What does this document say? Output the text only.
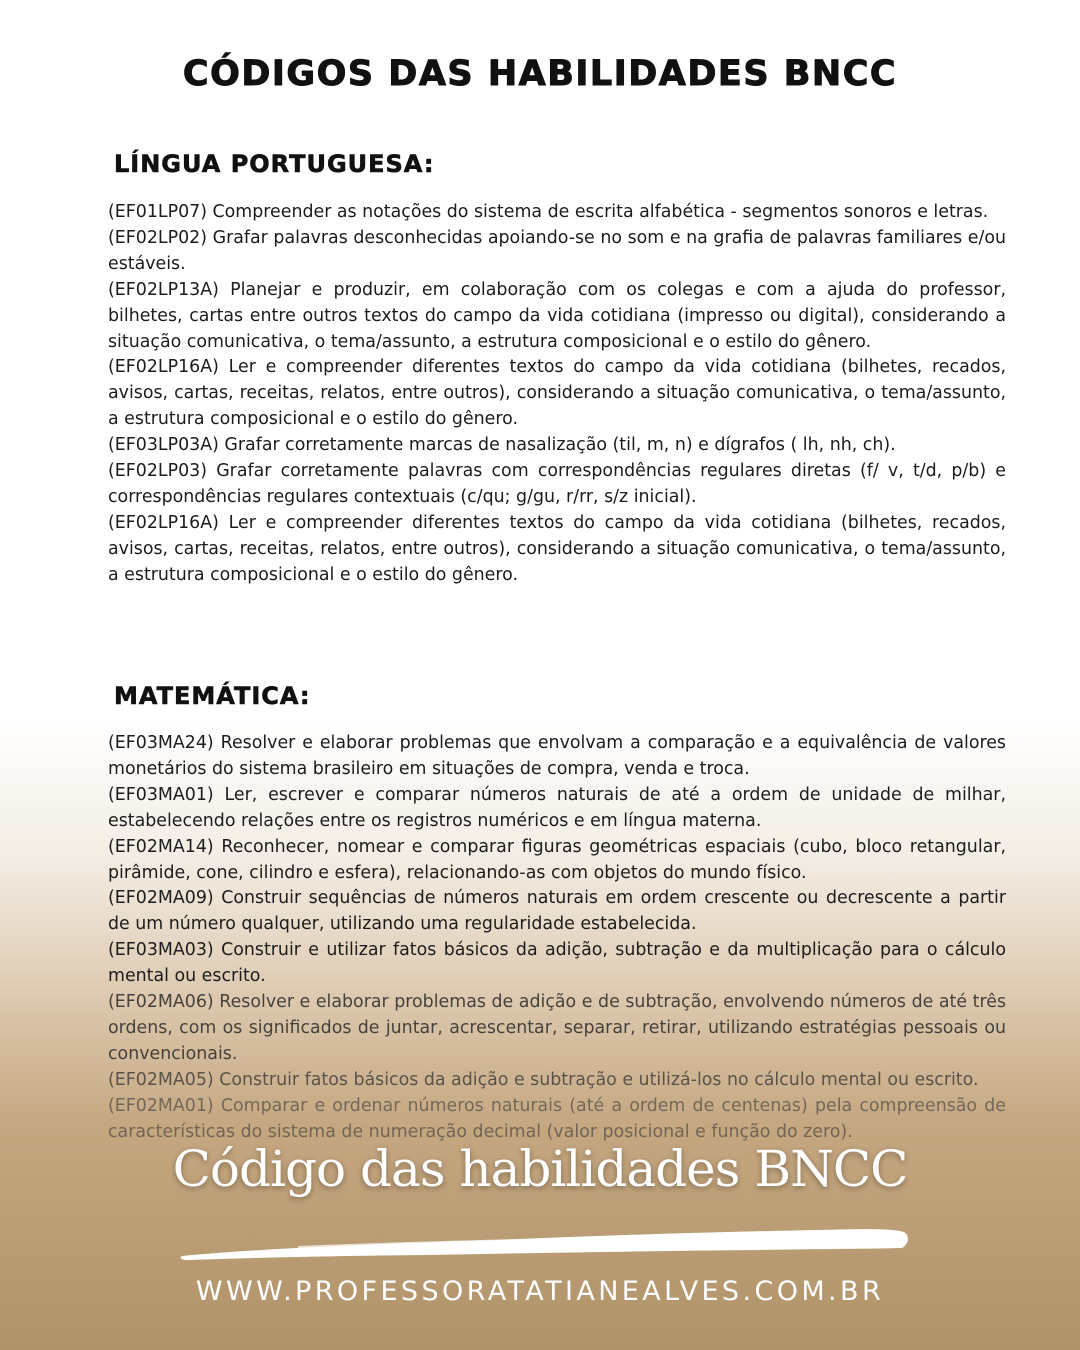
CÓDIGOS DAS HABILIDADES BNCC
LÍNGUA PORTUGUESA:
(EF01LP07) Compreender as notações do sistema de escrita alfabética - segmentos sonoros e letras.
(EF02LP02) Grafar palavras desconhecidas apoiando-se no som e na grafia de palavras familiares e/ou estáveis.
(EF02LP13A) Planejar e produzir, em colaboração com os colegas e com a ajuda do professor, bilhetes, cartas entre outros textos do campo da vida cotidiana (impresso ou digital), considerando a situação comunicativa, o tema/assunto, a estrutura composicional e o estilo do gênero.
(EF02LP16A) Ler e compreender diferentes textos do campo da vida cotidiana (bilhetes, recados, avisos, cartas, receitas, relatos, entre outros), considerando a situação comunicativa, o tema/assunto, a estrutura composicional e o estilo do gênero.
(EF03LP03A) Grafar corretamente marcas de nasalização (til, m, n) e dígrafos ( lh, nh, ch).
(EF02LP03) Grafar corretamente palavras com correspondências regulares diretas (f/ v, t/d, p/b) e correspondências regulares contextuais (c/qu; g/gu, r/rr, s/z inicial).
(EF02LP16A) Ler e compreender diferentes textos do campo da vida cotidiana (bilhetes, recados, avisos, cartas, receitas, relatos, entre outros), considerando a situação comunicativa, o tema/assunto, a estrutura composicional e o estilo do gênero.
MATEMÁTICA:
(EF03MA24) Resolver e elaborar problemas que envolvam a comparação e a equivalência de valores monetários do sistema brasileiro em situações de compra, venda e troca.
(EF03MA01) Ler, escrever e comparar números naturais de até a ordem de unidade de milhar, estabelecendo relações entre os registros numéricos e em língua materna.
(EF02MA14) Reconhecer, nomear e comparar figuras geométricas espaciais (cubo, bloco retangular, pirâmide, cone, cilindro e esfera), relacionando-as com objetos do mundo físico.
(EF02MA09) Construir sequências de números naturais em ordem crescente ou decrescente a partir de um número qualquer, utilizando uma regularidade estabelecida.
(EF03MA03) Construir e utilizar fatos básicos da adição, subtração e da multiplicação para o cálculo mental ou escrito.
(EF02MA06) Resolver e elaborar problemas de adição e de subtração, envolvendo números de até três ordens, com os significados de juntar, acrescentar, separar, retirar, utilizando estratégias pessoais ou convencionais.
(EF02MA05) Construir fatos básicos da adição e subtração e utilizá-los no cálculo mental ou escrito.
(EF02MA01) Comparar e ordenar números naturais (até a ordem de centenas) pela compreensão de características do sistema de numeração decimal (valor posicional e função do zero).
Código das habilidades BNCC
WWW.PROFESSORATATIANEALVES.COM.BR
